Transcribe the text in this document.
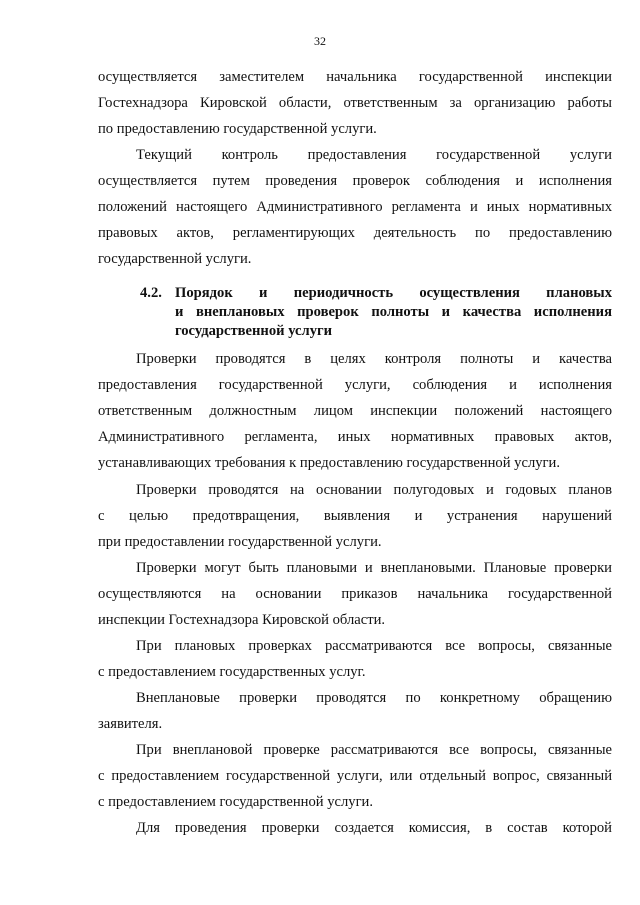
32
осуществляется заместителем начальника государственной инспекции
Гостехнадзора Кировской области, ответственным за организацию работы
по предоставлению государственной услуги.
Текущий контроль предоставления государственной услуги
осуществляется путем проведения проверок соблюдения и исполнения
положений настоящего Административного регламента и иных нормативных
правовых актов, регламентирующих деятельность по предоставлению
государственной услуги.
4.2. Порядок и периодичность осуществления плановых
и внеплановых проверок полноты и качества исполнения
государственной услуги
Проверки проводятся в целях контроля полноты и качества
предоставления государственной услуги, соблюдения и исполнения
ответственным должностным лицом инспекции положений настоящего
Административного регламента, иных нормативных правовых актов,
устанавливающих требования к предоставлению государственной услуги.
Проверки проводятся на основании полугодовых и годовых планов
с целью предотвращения, выявления и устранения нарушений
при предоставлении государственной услуги.
Проверки могут быть плановыми и внеплановыми. Плановые проверки
осуществляются на основании приказов начальника государственной
инспекции Гостехнадзора Кировской области.
При плановых проверках рассматриваются все вопросы, связанные
с предоставлением государственных услуг.
Внеплановые проверки проводятся по конкретному обращению
заявителя.
При внеплановой проверке рассматриваются все вопросы, связанные
с предоставлением государственной услуги, или отдельный вопрос, связанный
с предоставлением государственной услуги.
Для проведения проверки создается комиссия, в состав которой
